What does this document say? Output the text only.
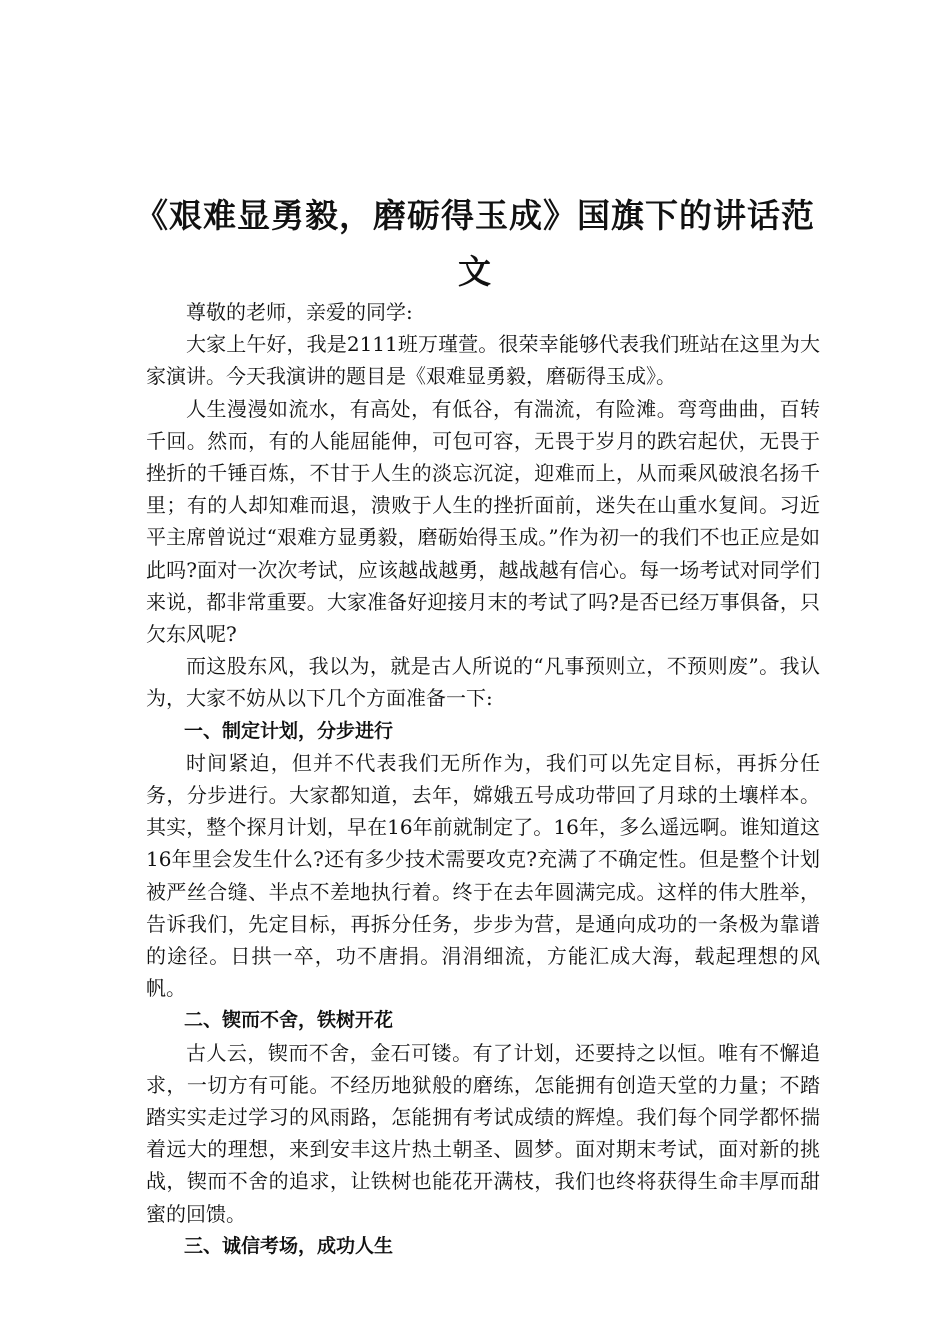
《艰难显勇毅，磨砺得玉成》国旗下的讲话范文

尊敬的老师，亲爱的同学:

大家上午好，我是2111班万瑾萱。很荣幸能够代表我们班站在这里为大家演讲。今天我演讲的题目是《艰难显勇毅，磨砺得玉成》。

人生漫漫如流水，有高处，有低谷，有湍流，有险滩。弯弯曲曲，百转千回。然而，有的人能屈能伸，可包可容，无畏于岁月的跌宕起伏，无畏于挫折的千锤百炼，不甘于人生的淡忘沉淀，迎难而上，从而乘风破浪名扬千里；有的人却知难而退，溃败于人生的挫折面前，迷失在山重水复间。习近平主席曾说过“艰难方显勇毅，磨砺始得玉成。”作为初一的我们不也正应是如此吗?面对一次次考试，应该越战越勇，越战越有信心。每一场考试对同学们来说，都非常重要。大家准备好迎接月末的考试了吗?是否已经万事俱备，只欠东风呢?

而这股东风，我以为，就是古人所说的“凡事预则立，不预则废”。我认为，大家不妨从以下几个方面准备一下:

一、制定计划，分步进行

时间紧迫，但并不代表我们无所作为，我们可以先定目标，再拆分任务，分步进行。大家都知道，去年，嫦娥五号成功带回了月球的土壤样本。其实，整个探月计划，早在16年前就制定了。16年，多么遥远啊。谁知道这16年里会发生什么?还有多少技术需要攻克?充满了不确定性。但是整个计划被严丝合缝、半点不差地执行着。终于在去年圆满完成。这样的伟大胜举，告诉我们，先定目标，再拆分任务，步步为营，是通向成功的一条极为靠谱的途径。日拱一卒，功不唐捐。涓涓细流，方能汇成大海，载起理想的风帆。

二、锲而不舍，铁树开花

古人云，锲而不舍，金石可镂。有了计划，还要持之以恒。唯有不懈追求，一切方有可能。不经历地狱般的磨练，怎能拥有创造天堂的力量；不踏踏实实走过学习的风雨路，怎能拥有考试成绩的辉煌。我们每个同学都怀揣着远大的理想，来到安丰这片热土朝圣、圆梦。面对期末考试，面对新的挑战，锲而不舍的追求，让铁树也能花开满枝，我们也终将获得生命丰厚而甜蜜的回馈。

三、诚信考场，成功人生
